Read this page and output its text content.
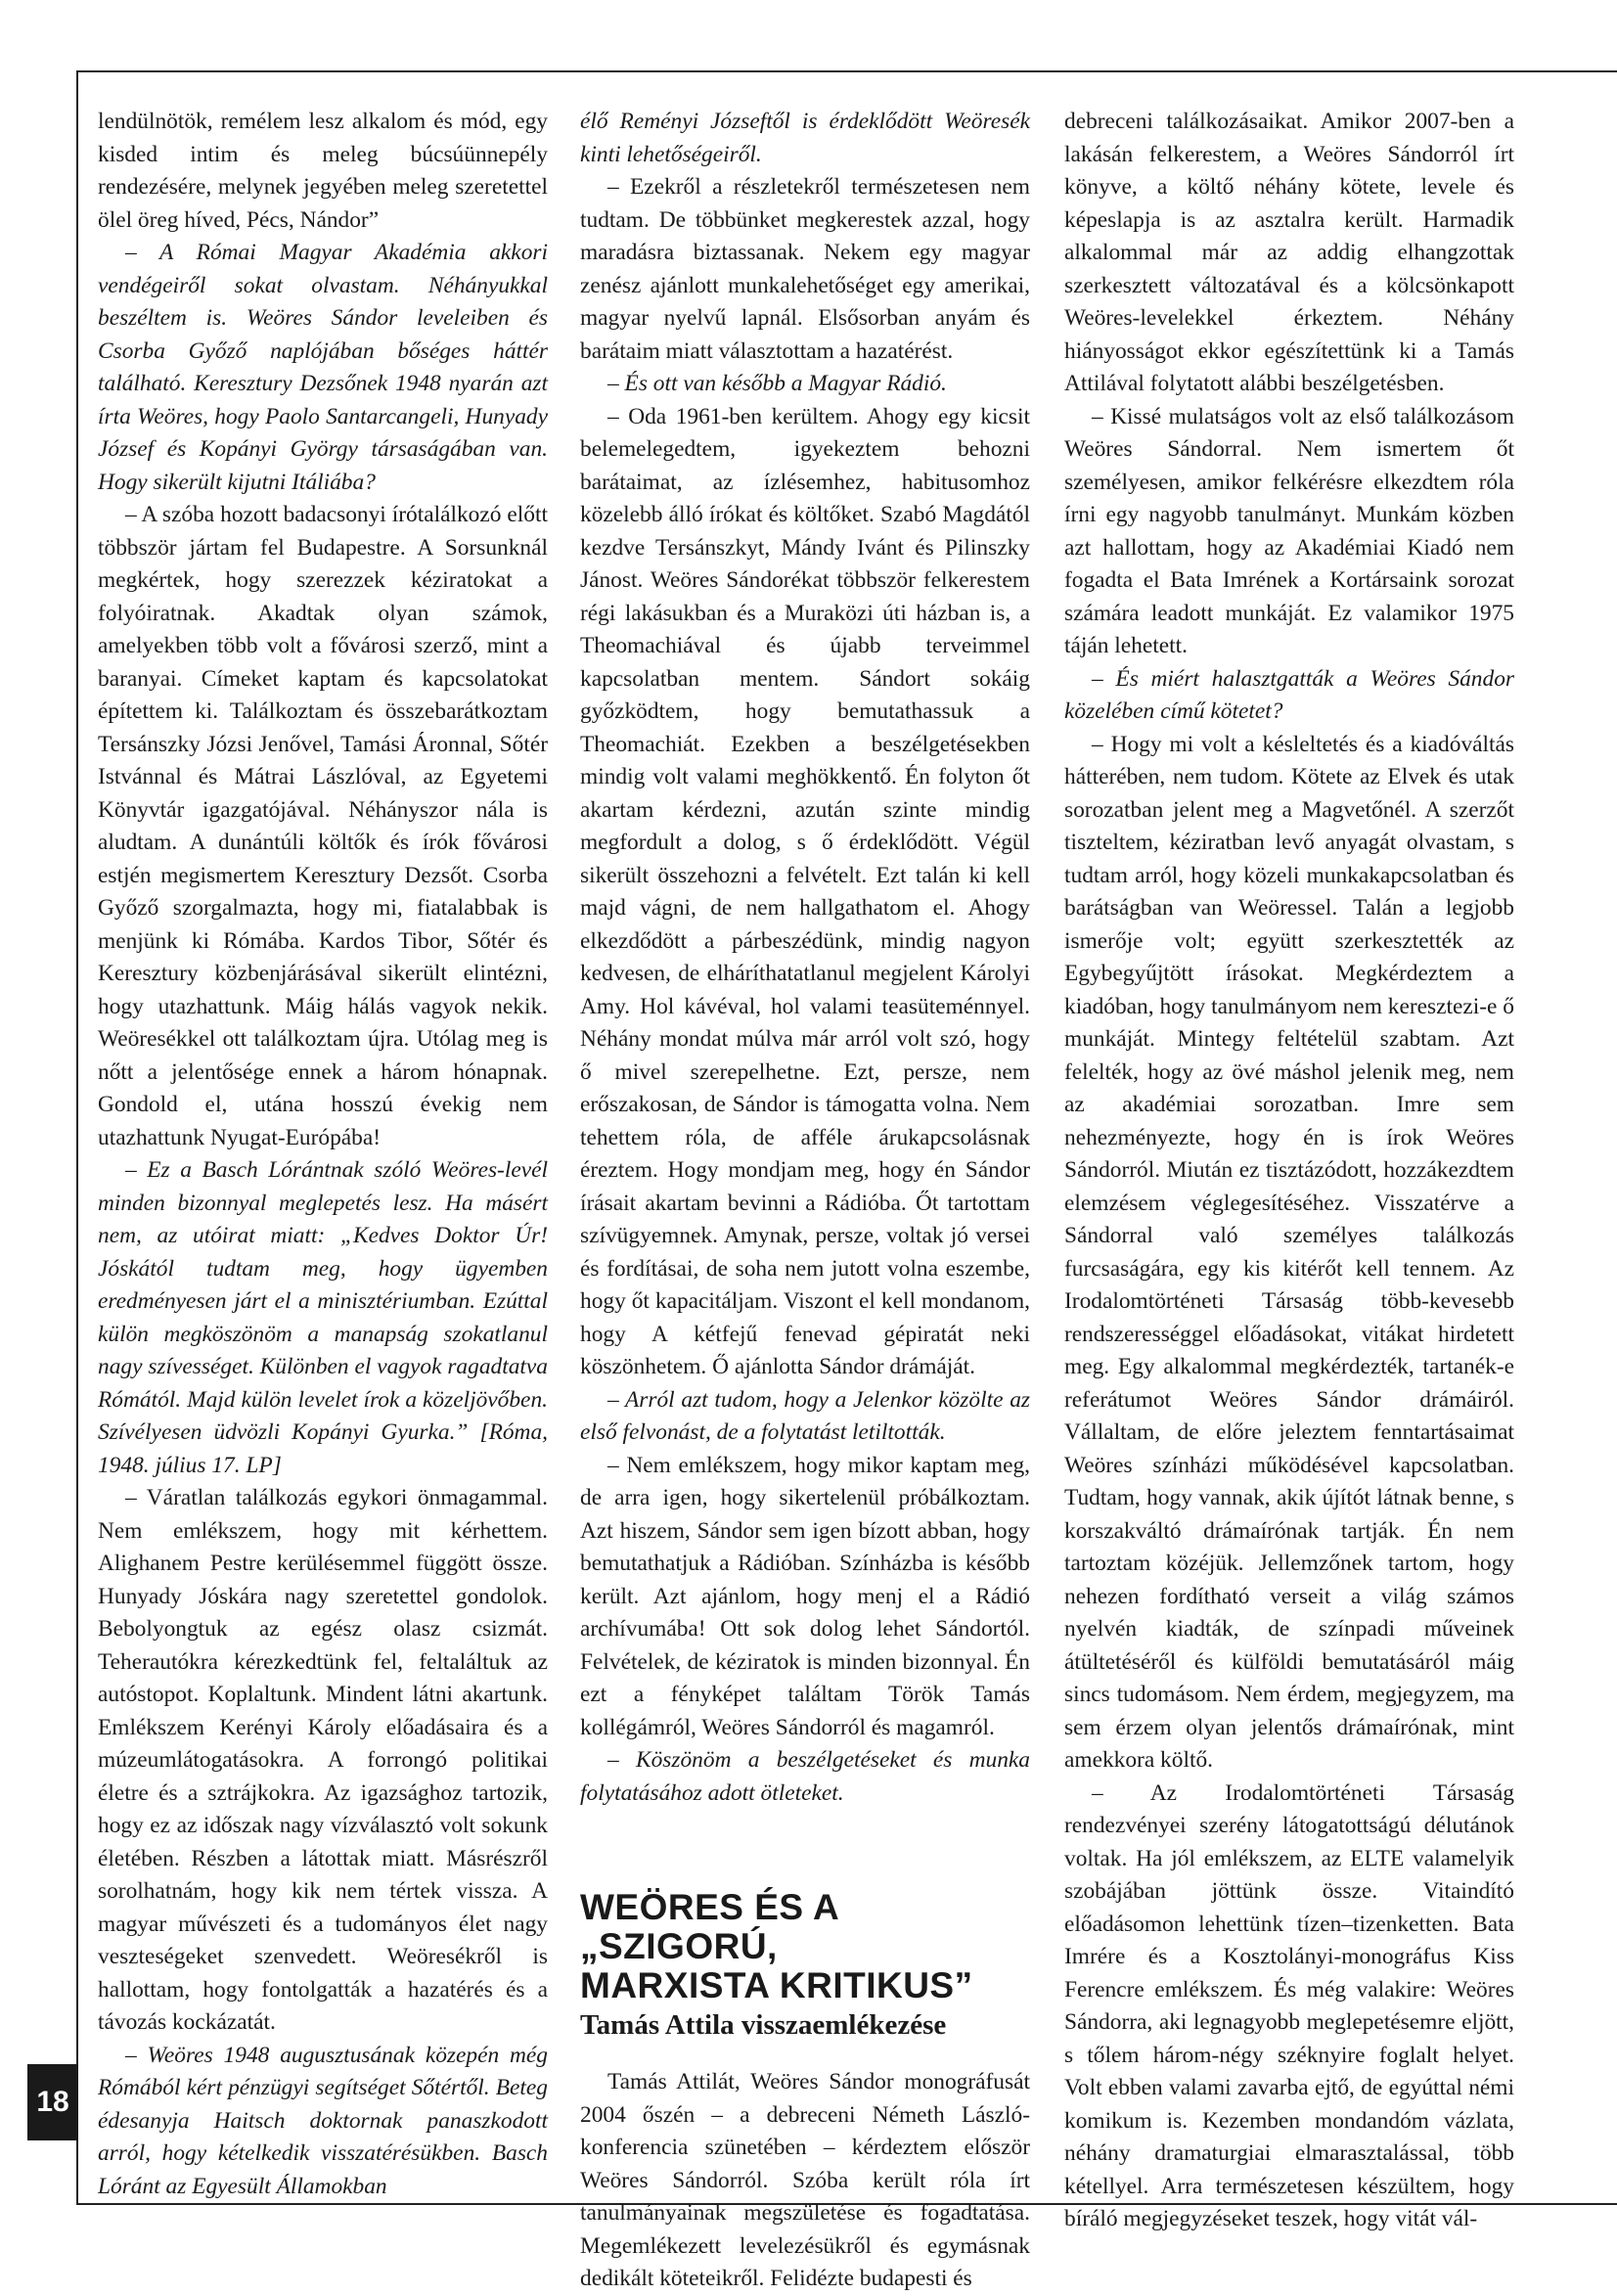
18

lendülnötök, remélem lesz alkalom és mód, egy kisded intim és meleg búcsúünnepély rendezésére, melynek jegyében meleg szeretettel ölel öreg híved, Pécs, Nándor”

– A Római Magyar Akadémia akkori vendégeiről sokat olvastam. Néhányukkal beszéltem is. Weöres Sándor leveleiben és Csorba Győző naplójában bőséges háttér található. Keresztury Dezsőnek 1948 nyarán azt írta Weöres, hogy Paolo Santarcangeli, Hunyady József és Kopányi György társaságában van. Hogy sikerült kijutni Itáliába?

– A szóba hozott badacsonyi írótalálkozó előtt többször jártam fel Budapestre. A Sorsunknál megkértek, hogy szerezzek kéziratokat a folyóiratnak. Akadtak olyan számok, amelyekben több volt a fővárosi szerző, mint a baranyai. Címeket kaptam és kapcsolatokat építettem ki. Találkoztam és összebarátkoztam Tersánszky Józsi Jenővel, Tamási Áronnal, Sőtér Istvánnal és Mátrai Lászlóval, az Egyetemi Könyvtár igazgatójával. Néhányszor nála is aludtam. A dunántúli költők és írók fővárosi estjén megismertem Keresztury Dezsőt. Csorba Győző szorgalmazta, hogy mi, fiatalabbak is menjünk ki Rómába. Kardos Tibor, Sőtér és Keresztury közbenjárásával sikerült elintézni, hogy utazhattunk. Máig hálás vagyok nekik. Weöresékkel ott találkoztam újra. Utólag meg is nőtt a jelentősége ennek a három hónapnak. Gondold el, utána hosszú évekig nem utazhattunk Nyugat-Európába!

– Ez a Basch Lórántnak szóló Weöres-levél minden bizonnyal meglepetés lesz. Ha másért nem, az utóirat miatt: „Kedves Doktor Úr! Jóskától tudtam meg, hogy ügyemben eredményesen járt el a minisztériumban. Ezúttal külön megköszönöm a manapság szokatlanul nagy szívességet. Különben el vagyok ragadtatva Rómától. Majd külön levelet írok a közeljövőben. Szívélyesen üdvözli Kopányi Gyurka.” [Róma, 1948. július 17. LP]

– Váratlan találkozás egykori önmagammal. Nem emlékszem, hogy mit kérhettem. Alighanem Pestre kerülésemmel függött össze. Hunyady Jóskára nagy szeretettel gondolok. Bebolyongtuk az egész olasz csizmát. Teherautókra kérezkedtünk fel, feltaláltuk az autóstopot. Koplaltunk. Mindent látni akartunk. Emlékszem Kerényi Károly előadásaira és a múzeumlátogatásokra. A forrongó politikai életre és a sztrájkokra. Az igazsághoz tartozik, hogy ez az időszak nagy vízválasztó volt sokunk életében. Részben a látottak miatt. Másrészről sorolhatnám, hogy kik nem tértek vissza. A magyar művészeti és a tudományos élet nagy veszteségeket szenvedett. Weöresékről is hallottam, hogy fontolgatták a hazatérés és a távozás kockázatát.

– Weöres 1948 augusztusának közepén még Rómából kért pénzügyi segítséget Sőtértől. Beteg édesanyja Haitsch doktornak panaszkodott arról, hogy kételkedik visszatérésükben. Basch Lóránt az Egyesült Államokban

élő Reményi Józseftől is érdeklődött Weöresék kinti lehetőségeiről.

– Ezekről a részletekről természetesen nem tudtam. De többünket megkerestek azzal, hogy maradásra biztassanak. Nekem egy magyar zenész ajánlott munkalehetőséget egy amerikai, magyar nyelvű lapnál. Elsősorban anyám és barátaim miatt választottam a hazatérést.

– És ott van később a Magyar Rádió.

– Oda 1961-ben kerültem. Ahogy egy kicsit belemelegedtem, igyekeztem behozni barátaimat, az ízlésemhez, habitusomhoz közelebb álló írókat és költőket. Szabó Magdától kezdve Tersánszkyt, Mándy Ivánt és Pilinszky Jánost. Weöres Sándorékat többször felkerestem régi lakásukban és a Muraközi úti házban is, a Theomachiával és újabb terveimmel kapcsolatban mentem. Sándort sokáig győzködtem, hogy bemutathassuk a Theomachiát. Ezekben a beszélgetésekben mindig volt valami meghökkentő. Én folyton őt akartam kérdezni, azután szinte mindig megfordult a dolog, s ő érdeklődött. Végül sikerült összehozni a felvételt. Ezt talán ki kell majd vágni, de nem hallgathatom el. Ahogy elkezdődött a párbeszédünk, mindig nagyon kedvesen, de elháríthatatlanul megjelent Károlyi Amy. Hol kávéval, hol valami teasüteménnyel. Néhány mondat múlva már arról volt szó, hogy ő mivel szerepelhetne. Ezt, persze, nem erőszakosan, de Sándor is támogatta volna. Nem tehettem róla, de afféle árukapcsolásnak éreztem. Hogy mondjam meg, hogy én Sándor írásait akartam bevinni a Rádióba. Őt tartottam szívügyemnek. Amynak, persze, voltak jó versei és fordításai, de soha nem jutott volna eszembe, hogy őt kapacitáljam. Viszont el kell mondanom, hogy A kétfejű fenevad gépiratát neki köszönhetem. Ő ajánlotta Sándor drámáját.

– Arról azt tudom, hogy a Jelenkor közölte az első felvonást, de a folytatást letiltották.

– Nem emlékszem, hogy mikor kaptam meg, de arra igen, hogy sikertelenül próbálkoztam. Azt hiszem, Sándor sem igen bízott abban, hogy bemutathatjuk a Rádióban. Színházba is később került. Azt ajánlom, hogy menj el a Rádió archívumába! Ott sok dolog lehet Sándortól. Felvételek, de kéziratok is minden bizonnyal. Én ezt a fényképet találtam Török Tamás kollégámról, Weöres Sándorról és magamról.

– Köszönöm a beszélgetéseket és munka folytatásához adott ötleteket.

WEÖRES ÉS A „SZIGORÚ,
MARXISTA KRITIKUS”
Tamás Attila visszaemlékezése

Tamás Attilát, Weöres Sándor monográfusát 2004 őszén – a debreceni Németh László-konferencia szünetében – kérdeztem először Weöres Sándorról. Szóba került róla írt tanulmányainak megszületése és fogadtatása. Megemlékezett levelezésükről és egymásnak dedikált köteteikről. Felidézte budapesti és

debreceni találkozásaikat. Amikor 2007-ben a lakásán felkerestem, a Weöres Sándorról írt könyve, a költő néhány kötete, levele és képeslapja is az asztalra került. Harmadik alkalommal már az addig elhangzottak szerkesztett változatával és a kölcsönkapott Weöres-levelekkel érkeztem. Néhány hiányosságot ekkor egészítettünk ki a Tamás Attilával folytatott alábbi beszélgetésben.

– Kissé mulatságos volt az első találkozásom Weöres Sándorral. Nem ismertem őt személyesen, amikor felkérésre elkezdtem róla írni egy nagyobb tanulmányt. Munkám közben azt hallottam, hogy az Akadémiai Kiadó nem fogadta el Bata Imrének a Kortársaink sorozat számára leadott munkáját. Ez valamikor 1975 táján lehetett.

– És miért halasztgatták a Weöres Sándor közelében című kötetet?

– Hogy mi volt a késleltetés és a kiadóváltás hátterében, nem tudom. Kötete az Elvek és utak sorozatban jelent meg a Magvetőnél. A szerzőt tiszteltem, kéziratban levő anyagát olvastam, s tudtam arról, hogy közeli munkakapcsolatban és barátságban van Weöressel. Talán a legjobb ismerője volt; együtt szerkesztették az Egybegyűjtött írásokat. Megkérdeztem a kiadóban, hogy tanulmányom nem keresztezi-e ő munkáját. Mintegy feltételül szabtam. Azt felelték, hogy az övé máshol jelenik meg, nem az akadémiai sorozatban. Imre sem nehezményezte, hogy én is írok Weöres Sándorról. Miután ez tisztázódott, hozzákezdtem elemzésem véglegesítéséhez. Visszatérve a Sándorral való személyes találkozás furcsaságára, egy kis kitérőt kell tennem. Az Irodalomtörténeti Társaság több-kevesebb rendszerességgel előadásokat, vitákat hirdetett meg. Egy alkalommal megkérdezték, tartanék-e referátumot Weöres Sándor drámáiról. Vállaltam, de előre jeleztem fenntartásaimat Weöres színházi működésével kapcsolatban. Tudtam, hogy vannak, akik újítót látnak benne, s korszakváltó drámaírónak tartják. Én nem tartoztam közéjük. Jellemzőnek tartom, hogy nehezen fordítható verseit a világ számos nyelvén kiadták, de színpadi műveinek átültetéséről és külföldi bemutatásáról máig sincs tudomásom. Nem érdem, megjegyzem, ma sem érzem olyan jelentős drámaírónak, mint amekkora költő.

– Az Irodalomtörténeti Társaság rendezvényei szerény látogatottságú délutánok voltak. Ha jól emlékszem, az ELTE valamelyik szobájában jöttünk össze. Vitaindító előadásomon lehettünk tízen–tizenketten. Bata Imrére és a Kosztolányi-monográfus Kiss Ferencre emlékszem. És még valakire: Weöres Sándorra, aki legnagyobb meglepetésemre eljött, s tőlem három-négy széknyire foglalt helyet. Volt ebben valami zavarba ejtő, de egyúttal némi komikum is. Kezemben mondandóm vázlata, néhány dramaturgiai elmarasztalással, több kétellyel. Arra természetesen készültem, hogy bíráló megjegyzéseket teszek, hogy vitát vál-
